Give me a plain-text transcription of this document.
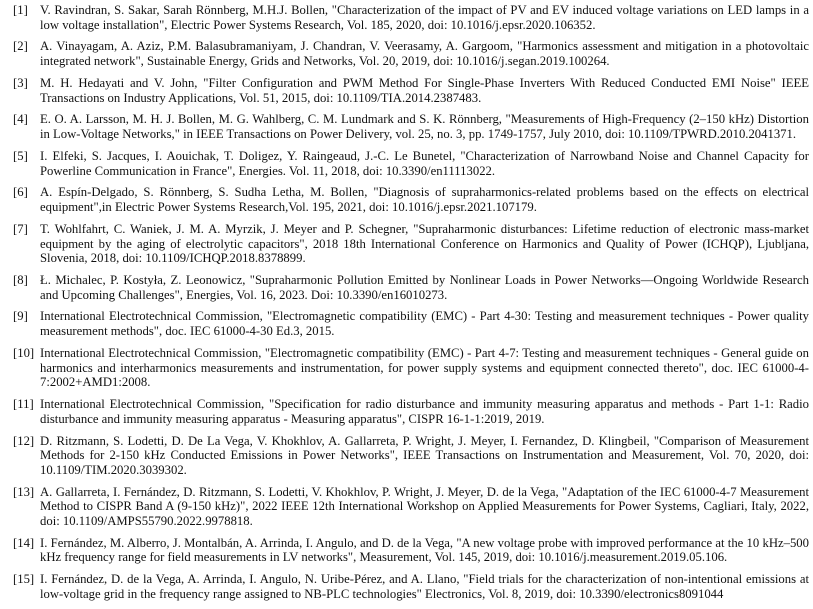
[1] V. Ravindran, S. Sakar, Sarah Rönnberg, M.H.J. Bollen, "Characterization of the impact of PV and EV induced voltage variations on LED lamps in a low voltage installation", Electric Power Systems Research, Vol. 185, 2020, doi: 10.1016/j.epsr.2020.106352.
[2] A. Vinayagam, A. Aziz, P.M. Balasubramaniyam, J. Chandran, V. Veerasamy, A. Gargoom, "Harmonics assessment and mitigation in a photovoltaic integrated network", Sustainable Energy, Grids and Networks, Vol. 20, 2019, doi: 10.1016/j.segan.2019.100264.
[3] M. H. Hedayati and V. John, "Filter Configuration and PWM Method For Single-Phase Inverters With Reduced Conducted EMI Noise" IEEE Transactions on Industry Applications, Vol. 51, 2015, doi: 10.1109/TIA.2014.2387483.
[4] E. O. A. Larsson, M. H. J. Bollen, M. G. Wahlberg, C. M. Lundmark and S. K. Rönnberg, "Measurements of High-Frequency (2–150 kHz) Distortion in Low-Voltage Networks," in IEEE Transactions on Power Delivery, vol. 25, no. 3, pp. 1749-1757, July 2010, doi: 10.1109/TPWRD.2010.2041371.
[5] I. Elfeki, S. Jacques, I. Aouichak, T. Doligez, Y. Raingeaud, J.-C. Le Bunetel, "Characterization of Narrowband Noise and Channel Capacity for Powerline Communication in France", Energies. Vol. 11, 2018, doi: 10.3390/en11113022.
[6] A. Espín-Delgado, S. Rönnberg, S. Sudha Letha, M. Bollen, "Diagnosis of supraharmonics-related problems based on the effects on electrical equipment",in Electric Power Systems Research,Vol. 195, 2021, doi: 10.1016/j.epsr.2021.107179.
[7] T. Wohlfahrt, C. Waniek, J. M. A. Myrzik, J. Meyer and P. Schegner, "Supraharmonic disturbances: Lifetime reduction of electronic mass-market equipment by the aging of electrolytic capacitors", 2018 18th International Conference on Harmonics and Quality of Power (ICHQP), Ljubljana, Slovenia, 2018, doi: 10.1109/ICHQP.2018.8378899.
[8] Ł. Michalec, P. Kostyła, Z. Leonowicz, "Supraharmonic Pollution Emitted by Nonlinear Loads in Power Networks—Ongoing Worldwide Research and Upcoming Challenges", Energies, Vol. 16, 2023. Doi: 10.3390/en16010273.
[9] International Electrotechnical Commission, "Electromagnetic compatibility (EMC) - Part 4-30: Testing and measurement techniques - Power quality measurement methods", doc. IEC 61000-4-30 Ed.3, 2015.
[10] International Electrotechnical Commission, "Electromagnetic compatibility (EMC) - Part 4-7: Testing and measurement techniques - General guide on harmonics and interharmonics measurements and instrumentation, for power supply systems and equipment connected thereto", doc. IEC 61000-4-7:2002+AMD1:2008.
[11] International Electrotechnical Commission, "Specification for radio disturbance and immunity measuring apparatus and methods - Part 1-1: Radio disturbance and immunity measuring apparatus - Measuring apparatus", CISPR 16-1-1:2019, 2019.
[12] D. Ritzmann, S. Lodetti, D. De La Vega, V. Khokhlov, A. Gallarreta, P. Wright, J. Meyer, I. Fernandez, D. Klingbeil, "Comparison of Measurement Methods for 2-150 kHz Conducted Emissions in Power Networks", IEEE Transactions on Instrumentation and Measurement, Vol. 70, 2020, doi: 10.1109/TIM.2020.3039302.
[13] A. Gallarreta, I. Fernández, D. Ritzmann, S. Lodetti, V. Khokhlov, P. Wright, J. Meyer, D. de la Vega, "Adaptation of the IEC 61000-4-7 Measurement Method to CISPR Band A (9-150 kHz)", 2022 IEEE 12th International Workshop on Applied Measurements for Power Systems, Cagliari, Italy, 2022, doi: 10.1109/AMPS55790.2022.9978818.
[14] I. Fernández, M. Alberro, J. Montalbán, A. Arrinda, I. Angulo, and D. de la Vega, "A new voltage probe with improved performance at the 10 kHz–500 kHz frequency range for field measurements in LV networks", Measurement, Vol. 145, 2019, doi: 10.1016/j.measurement.2019.05.106.
[15] I. Fernández, D. de la Vega, A. Arrinda, I. Angulo, N. Uribe-Pérez, and A. Llano, "Field trials for the characterization of non-intentional emissions at low-voltage grid in the frequency range assigned to NB-PLC technologies" Electronics, Vol. 8, 2019, doi: 10.3390/electronics8091044
